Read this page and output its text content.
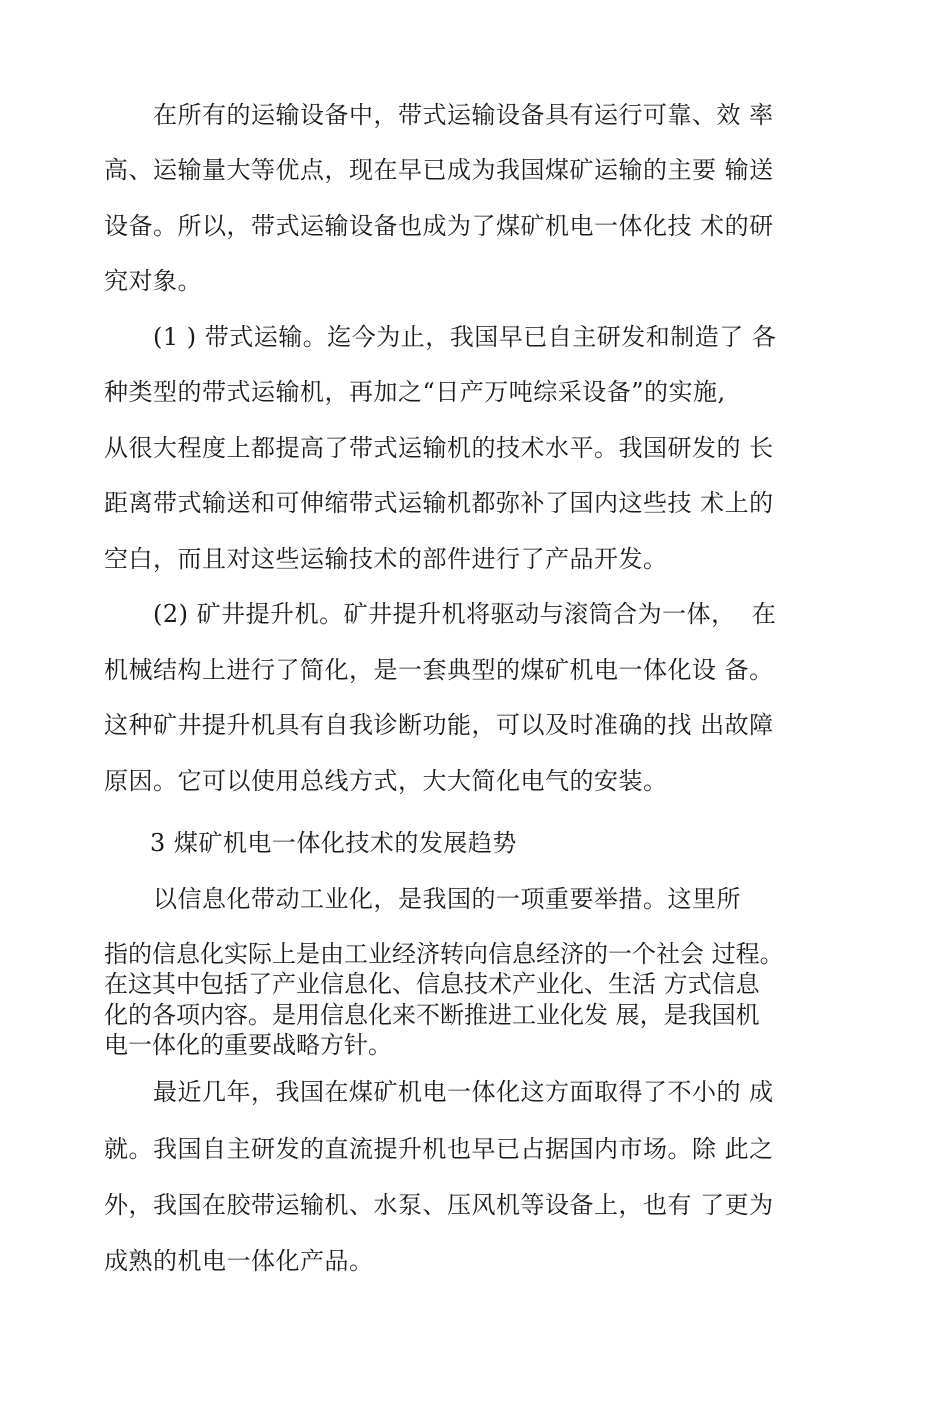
在所有的运输设备中，带式运输设备具有运行可靠、效 率
高、运输量大等优点，现在早已成为我国煤矿运输的主要 输送
设备。所以，带式运输设备也成为了煤矿机电一体化技 术的研
究对象。
(1 ) 带式运输。迄今为止，我国早已自主研发和制造了 各
种类型的带式运输机，再加之“日产万吨综采设备”的实施,
从很大程度上都提高了带式运输机的技术水平。我国研发的 长
距离带式输送和可伸缩带式运输机都弥补了国内这些技 术上的
空白，而且对这些运输技术的部件进行了产品开发。
(2) 矿井提升机。矿井提升机将驱动与滚筒合为一体，  在
机械结构上进行了简化，是一套典型的煤矿机电一体化设 备。
这种矿井提升机具有自我诊断功能，可以及时准确的找 出故障
原因。它可以使用总线方式，大大简化电气的安装。
3 煤矿机电一体化技术的发展趋势
以信息化带动工业化，是我国的一项重要举措。这里所
指的信息化实际上是由工业经济转向信息经济的一个社会 过程。
在这其中包括了产业信息化、信息技术产业化、生活 方式信息
化的各项内容。是用信息化来不断推进工业化发 展，是我国机
电一体化的重要战略方针。
最近几年，我国在煤矿机电一体化这方面取得了不小的 成
就。我国自主研发的直流提升机也早已占据国内市场。除 此之
外，我国在胶带运输机、水泵、压风机等设备上，也有 了更为
成熟的机电一体化产品。
